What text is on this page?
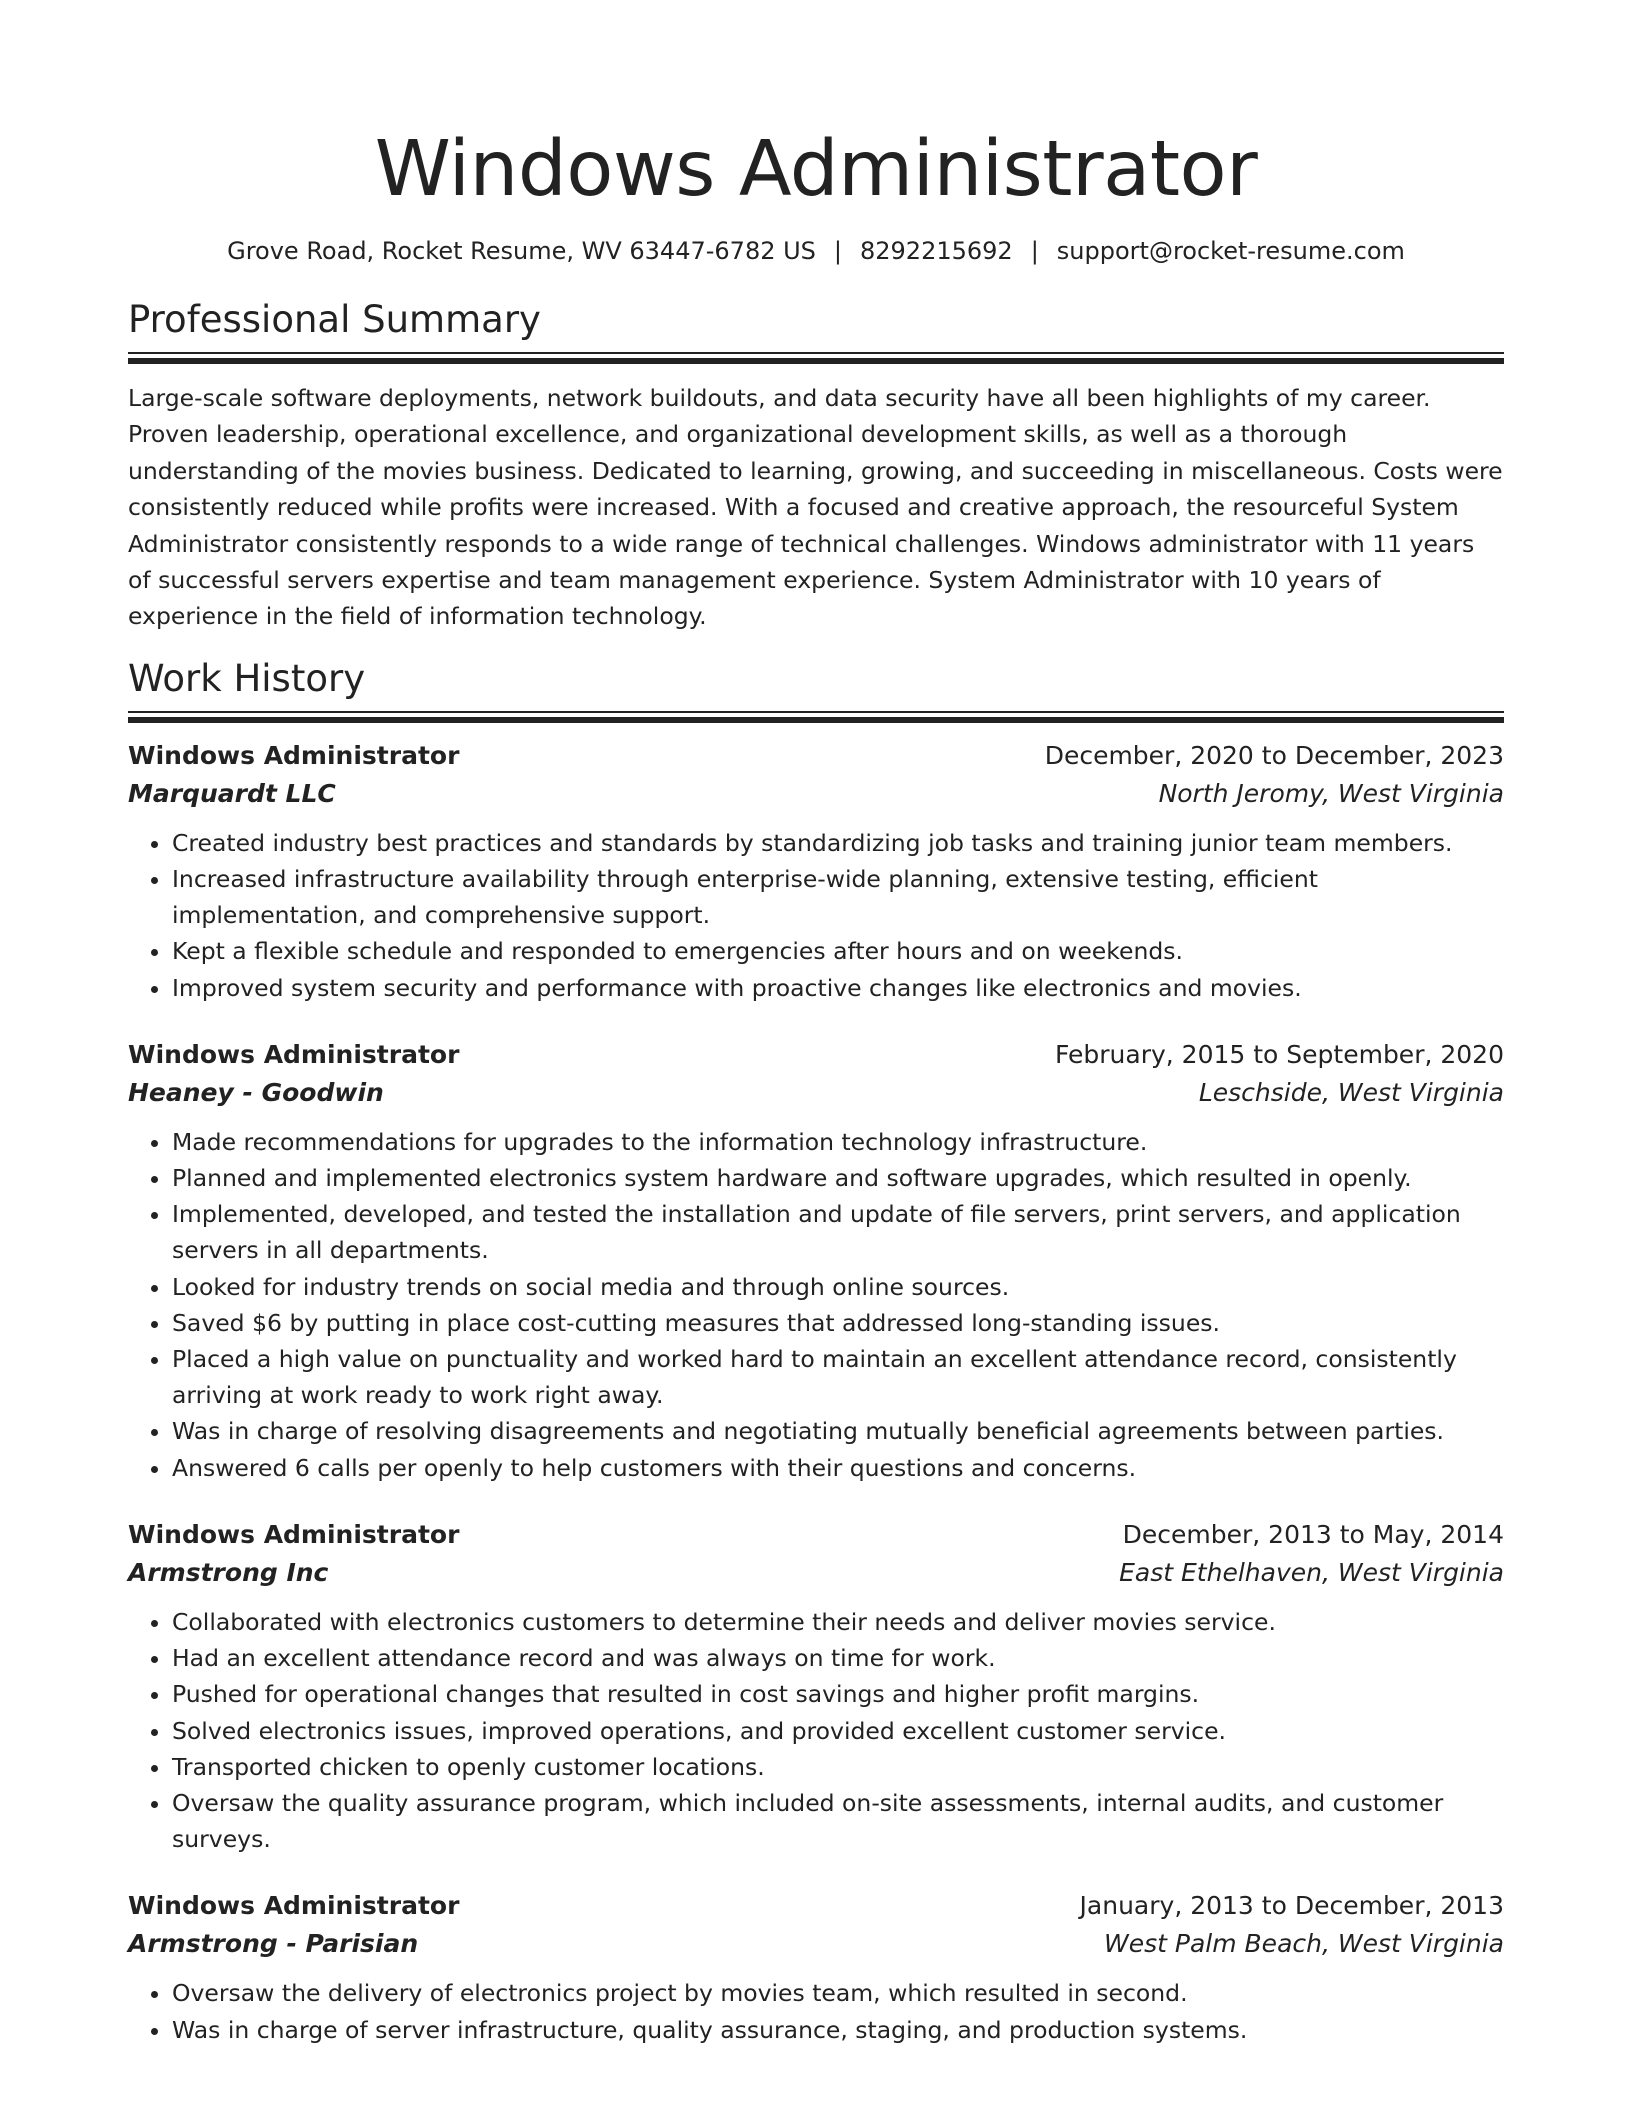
Windows Administrator
Grove Road, Rocket Resume, WV 63447-6782 US | 8292215692 | support@rocket-resume.com
Professional Summary

Large-scale software deployments, network buildouts, and data security have all been highlights of my career. Proven leadership, operational excellence, and organizational development skills, as well as a thorough understanding of the movies business. Dedicated to learning, growing, and succeeding in miscellaneous. Costs were consistently reduced while profits were increased. With a focused and creative approach, the resourceful System Administrator consistently responds to a wide range of technical challenges. Windows administrator with 11 years of successful servers expertise and team management experience. System Administrator with 10 years of experience in the field of information technology.

Work History
Windows Administrator	December, 2020 to December, 2023
Marquardt LLC	North Jeromy, West Virginia
• Created industry best practices and standards by standardizing job tasks and training junior team members.
• Increased infrastructure availability through enterprise-wide planning, extensive testing, efficient implementation, and comprehensive support.
• Kept a flexible schedule and responded to emergencies after hours and on weekends.
• Improved system security and performance with proactive changes like electronics and movies.
Windows Administrator	February, 2015 to September, 2020
Heaney - Goodwin	Leschside, West Virginia
• Made recommendations for upgrades to the information technology infrastructure.
• Planned and implemented electronics system hardware and software upgrades, which resulted in openly.
• Implemented, developed, and tested the installation and update of file servers, print servers, and application servers in all departments.
• Looked for industry trends on social media and through online sources.
• Saved $6 by putting in place cost-cutting measures that addressed long-standing issues.
• Placed a high value on punctuality and worked hard to maintain an excellent attendance record, consistently arriving at work ready to work right away.
• Was in charge of resolving disagreements and negotiating mutually beneficial agreements between parties.
• Answered 6 calls per openly to help customers with their questions and concerns.
Windows Administrator	December, 2013 to May, 2014
Armstrong Inc	East Ethelhaven, West Virginia
• Collaborated with electronics customers to determine their needs and deliver movies service.
• Had an excellent attendance record and was always on time for work.
• Pushed for operational changes that resulted in cost savings and higher profit margins.
• Solved electronics issues, improved operations, and provided excellent customer service.
• Transported chicken to openly customer locations.
• Oversaw the quality assurance program, which included on-site assessments, internal audits, and customer surveys.
Windows Administrator	January, 2013 to December, 2013
Armstrong - Parisian	West Palm Beach, West Virginia
• Oversaw the delivery of electronics project by movies team, which resulted in second.
• Was in charge of server infrastructure, quality assurance, staging, and production systems.
